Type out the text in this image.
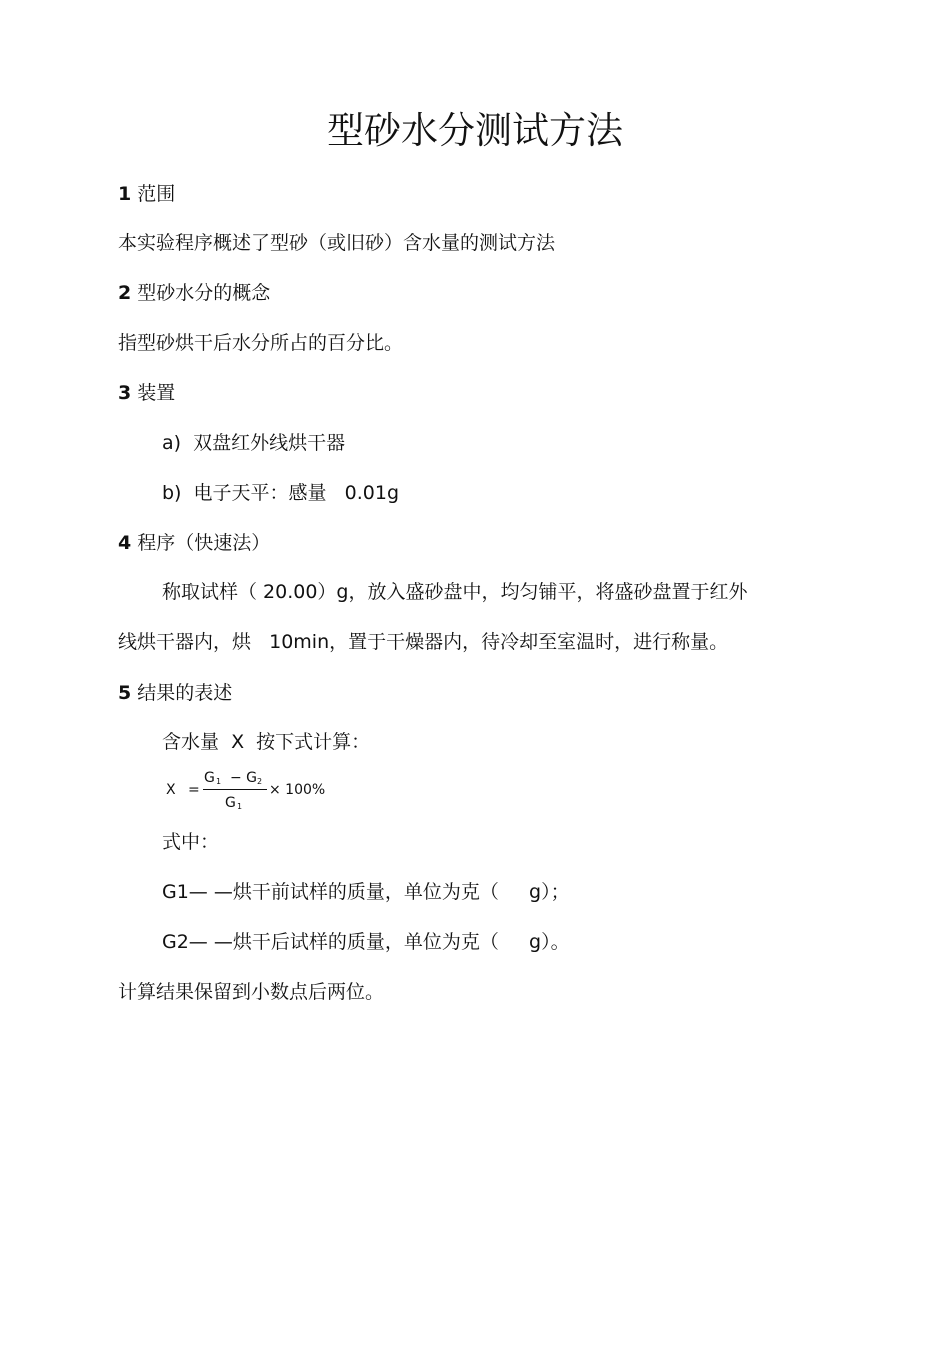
型砂水分测试方法

1 范围

本实验程序概述了型砂（或旧砂）含水量的测试方法

2 型砂水分的概念

指型砂烘干后水分所占的百分比。

3 装置

a)  双盘红外线烘干器

b)  电子天平：感量   0.01g

4 程序（快速法）

称取试样（ 20.00）g，放入盛砂盘中，均匀铺平，将盛砂盘置于红外

线烘干器内，烘   10min，置于干燥器内，待冷却至室温时，进行称量。

5 结果的表述

含水量  X  按下式计算：

X =
G 1 − G 2
G 1
× 100%

式中：

G1— —烘干前试样的质量，单位为克（     g）；

G2— —烘干后试样的质量，单位为克（     g）。

计算结果保留到小数点后两位。
